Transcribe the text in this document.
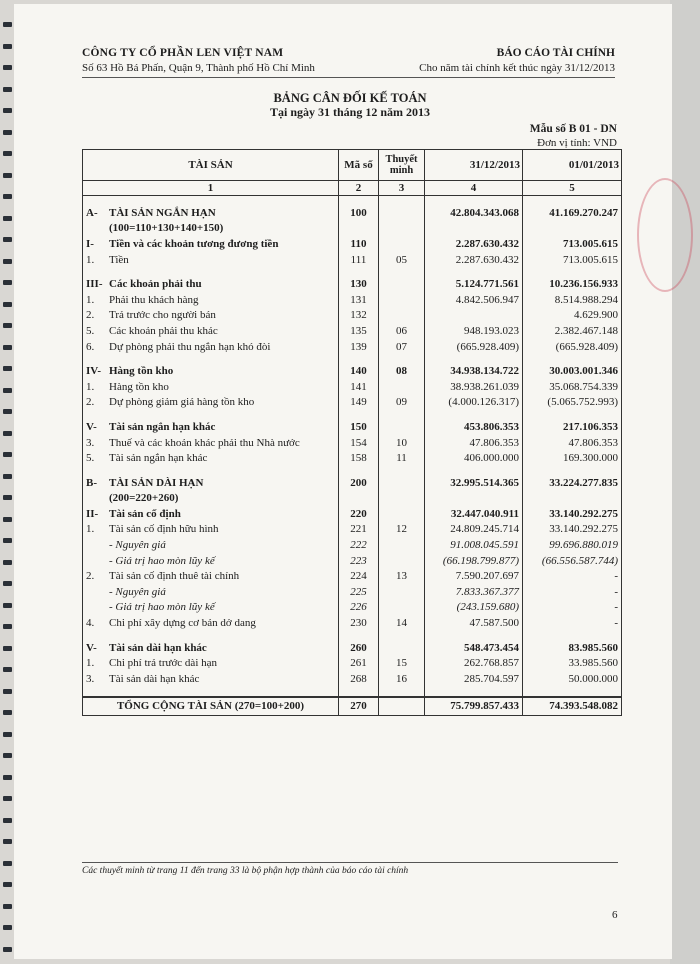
CÔNG TY CỔ PHẦN LEN VIỆT NAM
Số 63 Hồ Bá Phấn, Quận 9, Thành phố Hồ Chí Minh
BÁO CÁO TÀI CHÍNH
Cho năm tài chính kết thúc ngày 31/12/2013
BẢNG CÂN ĐỐI KẾ TOÁN
Tại ngày 31 tháng 12 năm 2013
Mẫu số B 01 - DN
Đơn vị tính: VND
TÀI SẢN	Mã số	Thuyết minh	31/12/2013	01/01/2013
1	2	3	4	5

A- TÀI SẢN NGẮN HẠN	100		42.804.343.068	41.169.270.247
(100=110+130+140+150)				
I- Tiền và các khoản tương đương tiền	110		2.287.630.432	713.005.615
1. Tiền	111	05	2.287.630.432	713.005.615

III- Các khoản phải thu	130		5.124.771.561	10.236.156.933
1. Phải thu khách hàng	131		4.842.506.947	8.514.988.294
2. Trả trước cho người bán	132			4.629.900
5. Các khoản phải thu khác	135	06	948.193.023	2.382.467.148
6. Dự phòng phải thu ngắn hạn khó đòi	139	07	(665.928.409)	(665.928.409)

IV- Hàng tồn kho	140	08	34.938.134.722	30.003.001.346
1. Hàng tồn kho	141		38.938.261.039	35.068.754.339
2. Dự phòng giảm giá hàng tồn kho	149	09	(4.000.126.317)	(5.065.752.993)

V- Tài sản ngắn hạn khác	150		453.806.353	217.106.353
3. Thuế và các khoản khác phải thu Nhà nước	154	10	47.806.353	47.806.353
5. Tài sản ngắn hạn khác	158	11	406.000.000	169.300.000

B- TÀI SẢN DÀI HẠN	200		32.995.514.365	33.224.277.835
(200=220+260)				
II- Tài sản cố định	220		32.447.040.911	33.140.292.275
1. Tài sản cố định hữu hình	221	12	24.809.245.714	33.140.292.275
- Nguyên giá	222		91.008.045.591	99.696.880.019
- Giá trị hao mòn lũy kế	223		(66.198.799.877)	(66.556.587.744)
2. Tài sản cố định thuê tài chính	224	13	7.590.207.697	-
- Nguyên giá	225		7.833.367.377	-
- Giá trị hao mòn lũy kế	226		(243.159.680)	-
4. Chi phí xây dựng cơ bản dở dang	230	14	47.587.500	-

V- Tài sản dài hạn khác	260		548.473.454	83.985.560
1. Chi phí trả trước dài hạn	261	15	262.768.857	33.985.560
3. Tài sản dài hạn khác	268	16	285.704.597	50.000.000

TỔNG CỘNG TÀI SẢN (270=100+200)	270		75.799.857.433	74.393.548.082
Các thuyết minh từ trang 11 đến trang 33 là bộ phận hợp thành của báo cáo tài chính
6
